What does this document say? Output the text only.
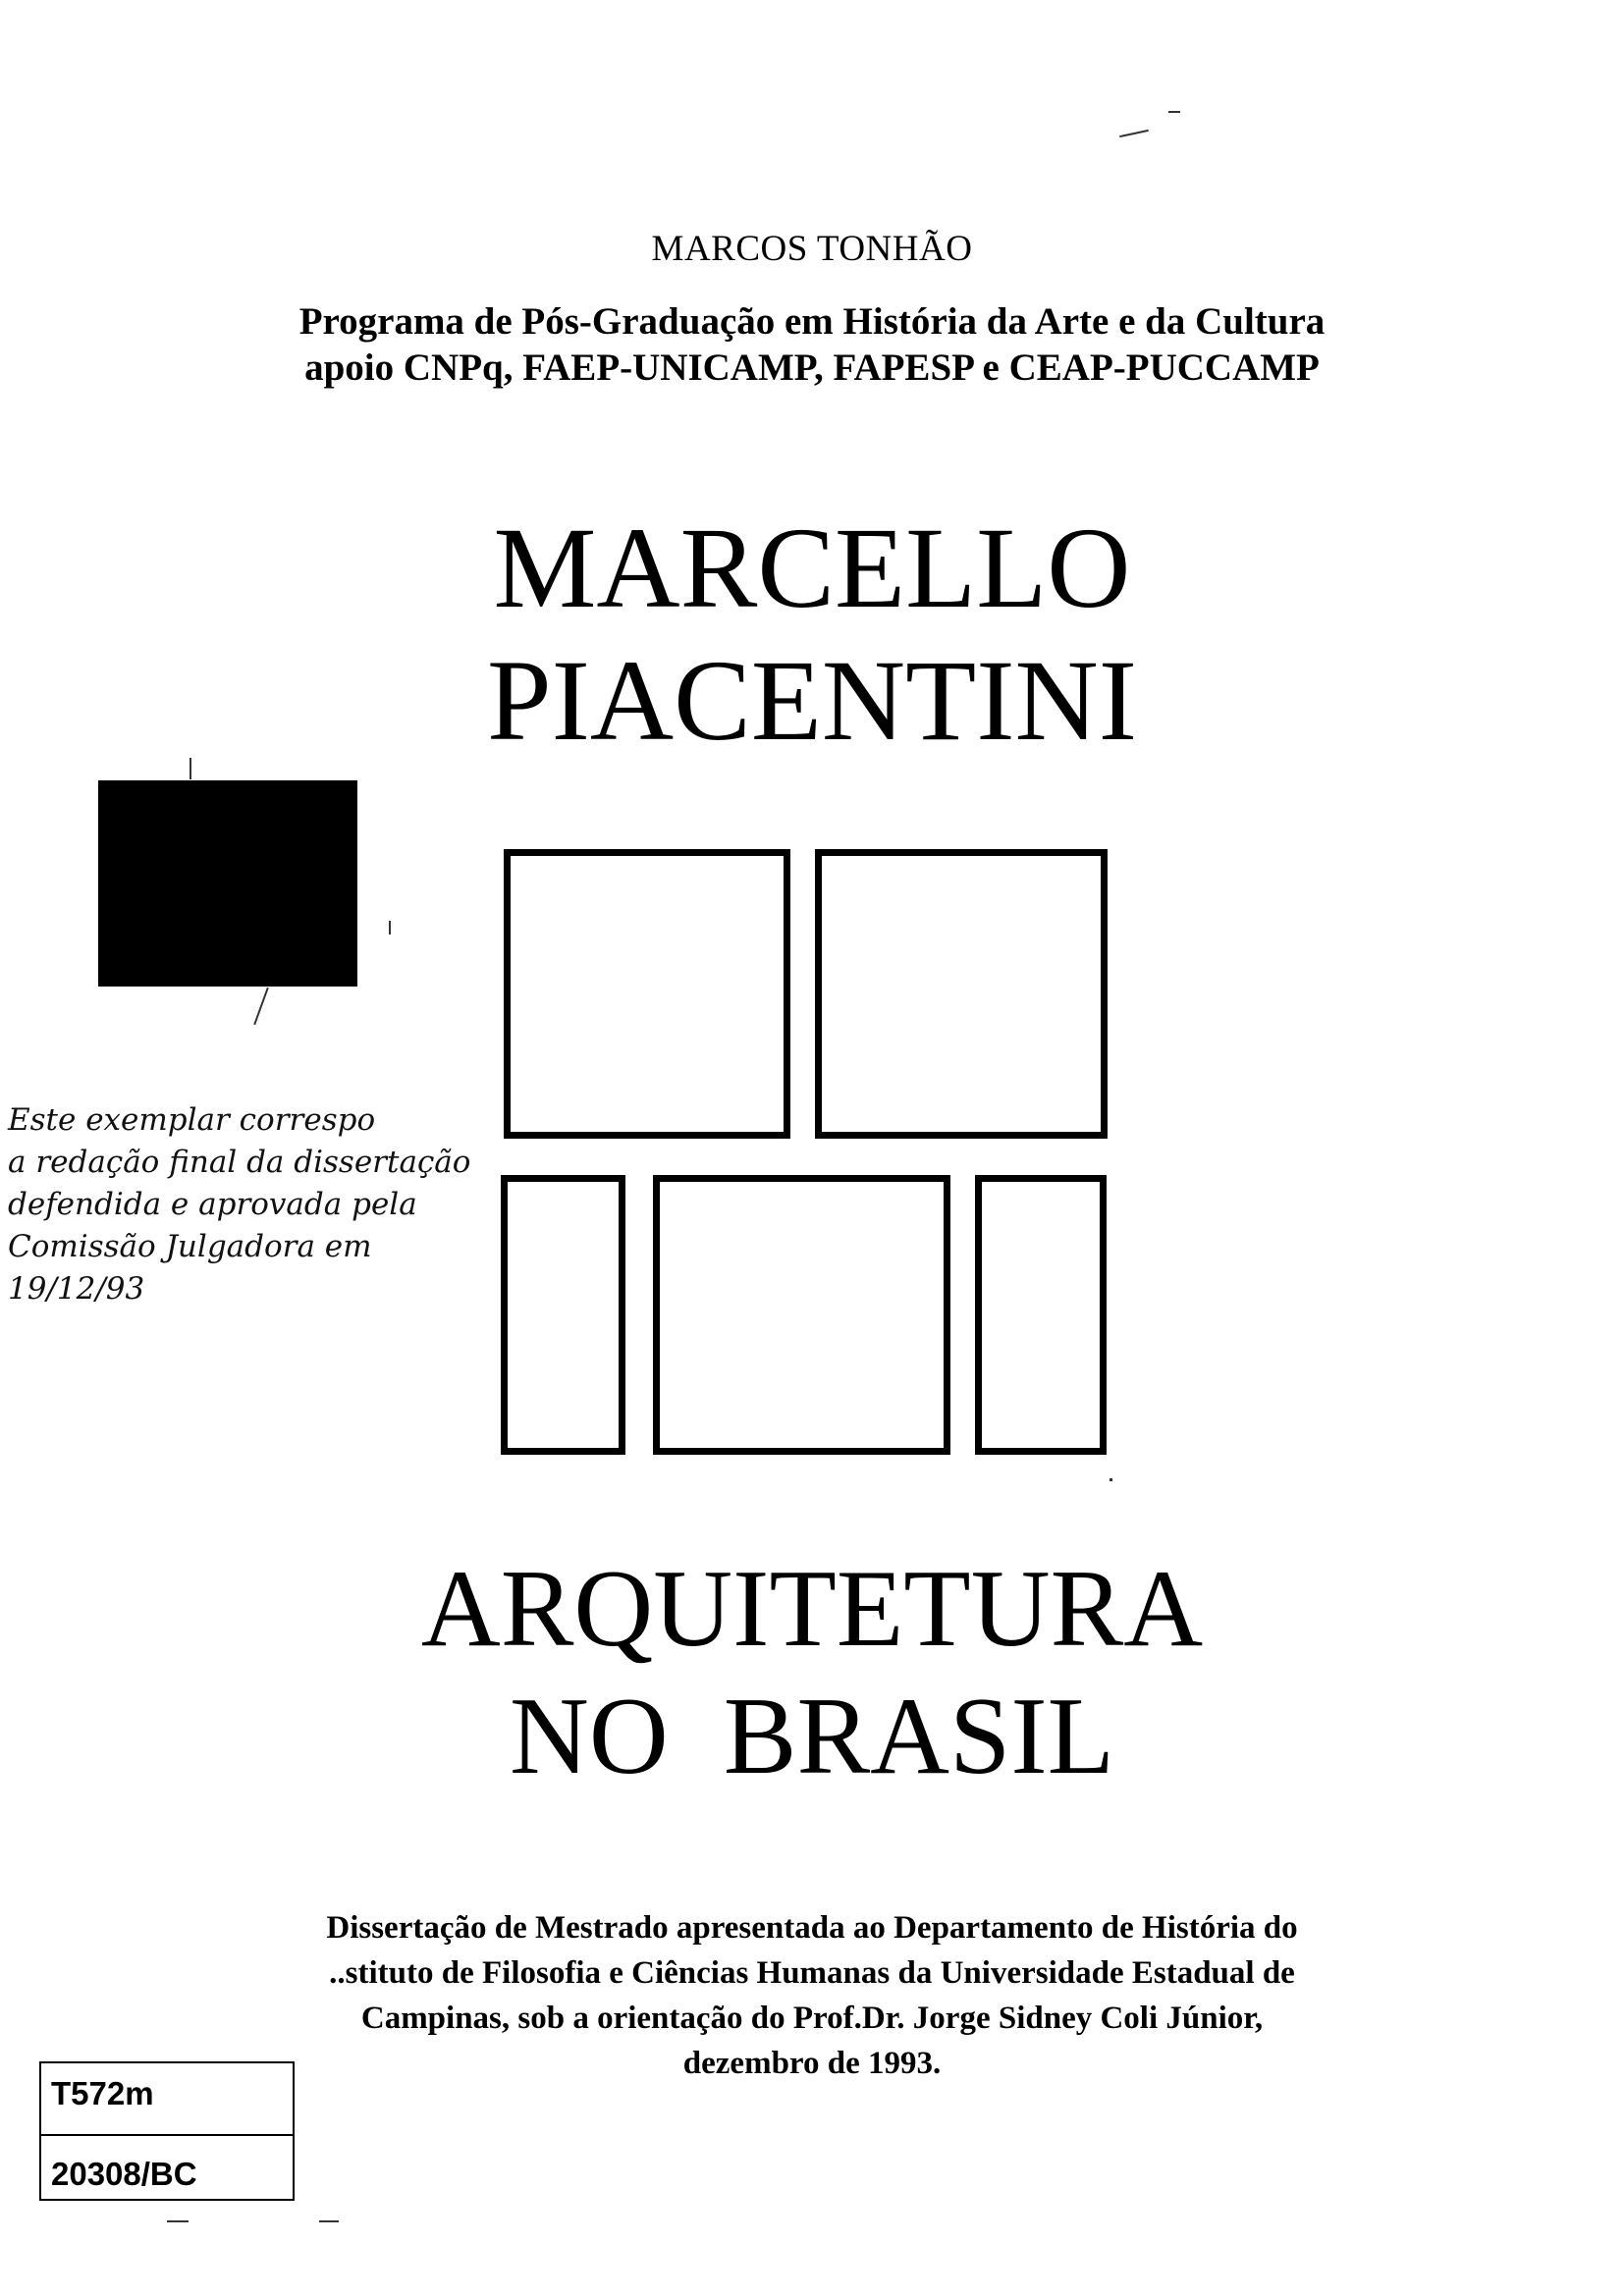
MARCOS TONHÃO
Programa de Pós-Graduação em História da Arte e da Cultura
apoio CNPq, FAEP-UNICAMP, FAPESP e CEAP-PUCCAMP
MARCELLO
PIACENTINI
Este exemplar correspo
a redação final da dissertação
defendida e aprovada pela
Comissão Julgadora em
19/12/93
ARQUITETURA
NO  BRASIL
Dissertação de Mestrado apresentada ao Departamento de História do
..stituto de Filosofia e Ciências Humanas da Universidade Estadual de
Campinas, sob a orientação do Prof.Dr. Jorge Sidney Coli Júnior,
dezembro de 1993.
T572m
20308/BC
